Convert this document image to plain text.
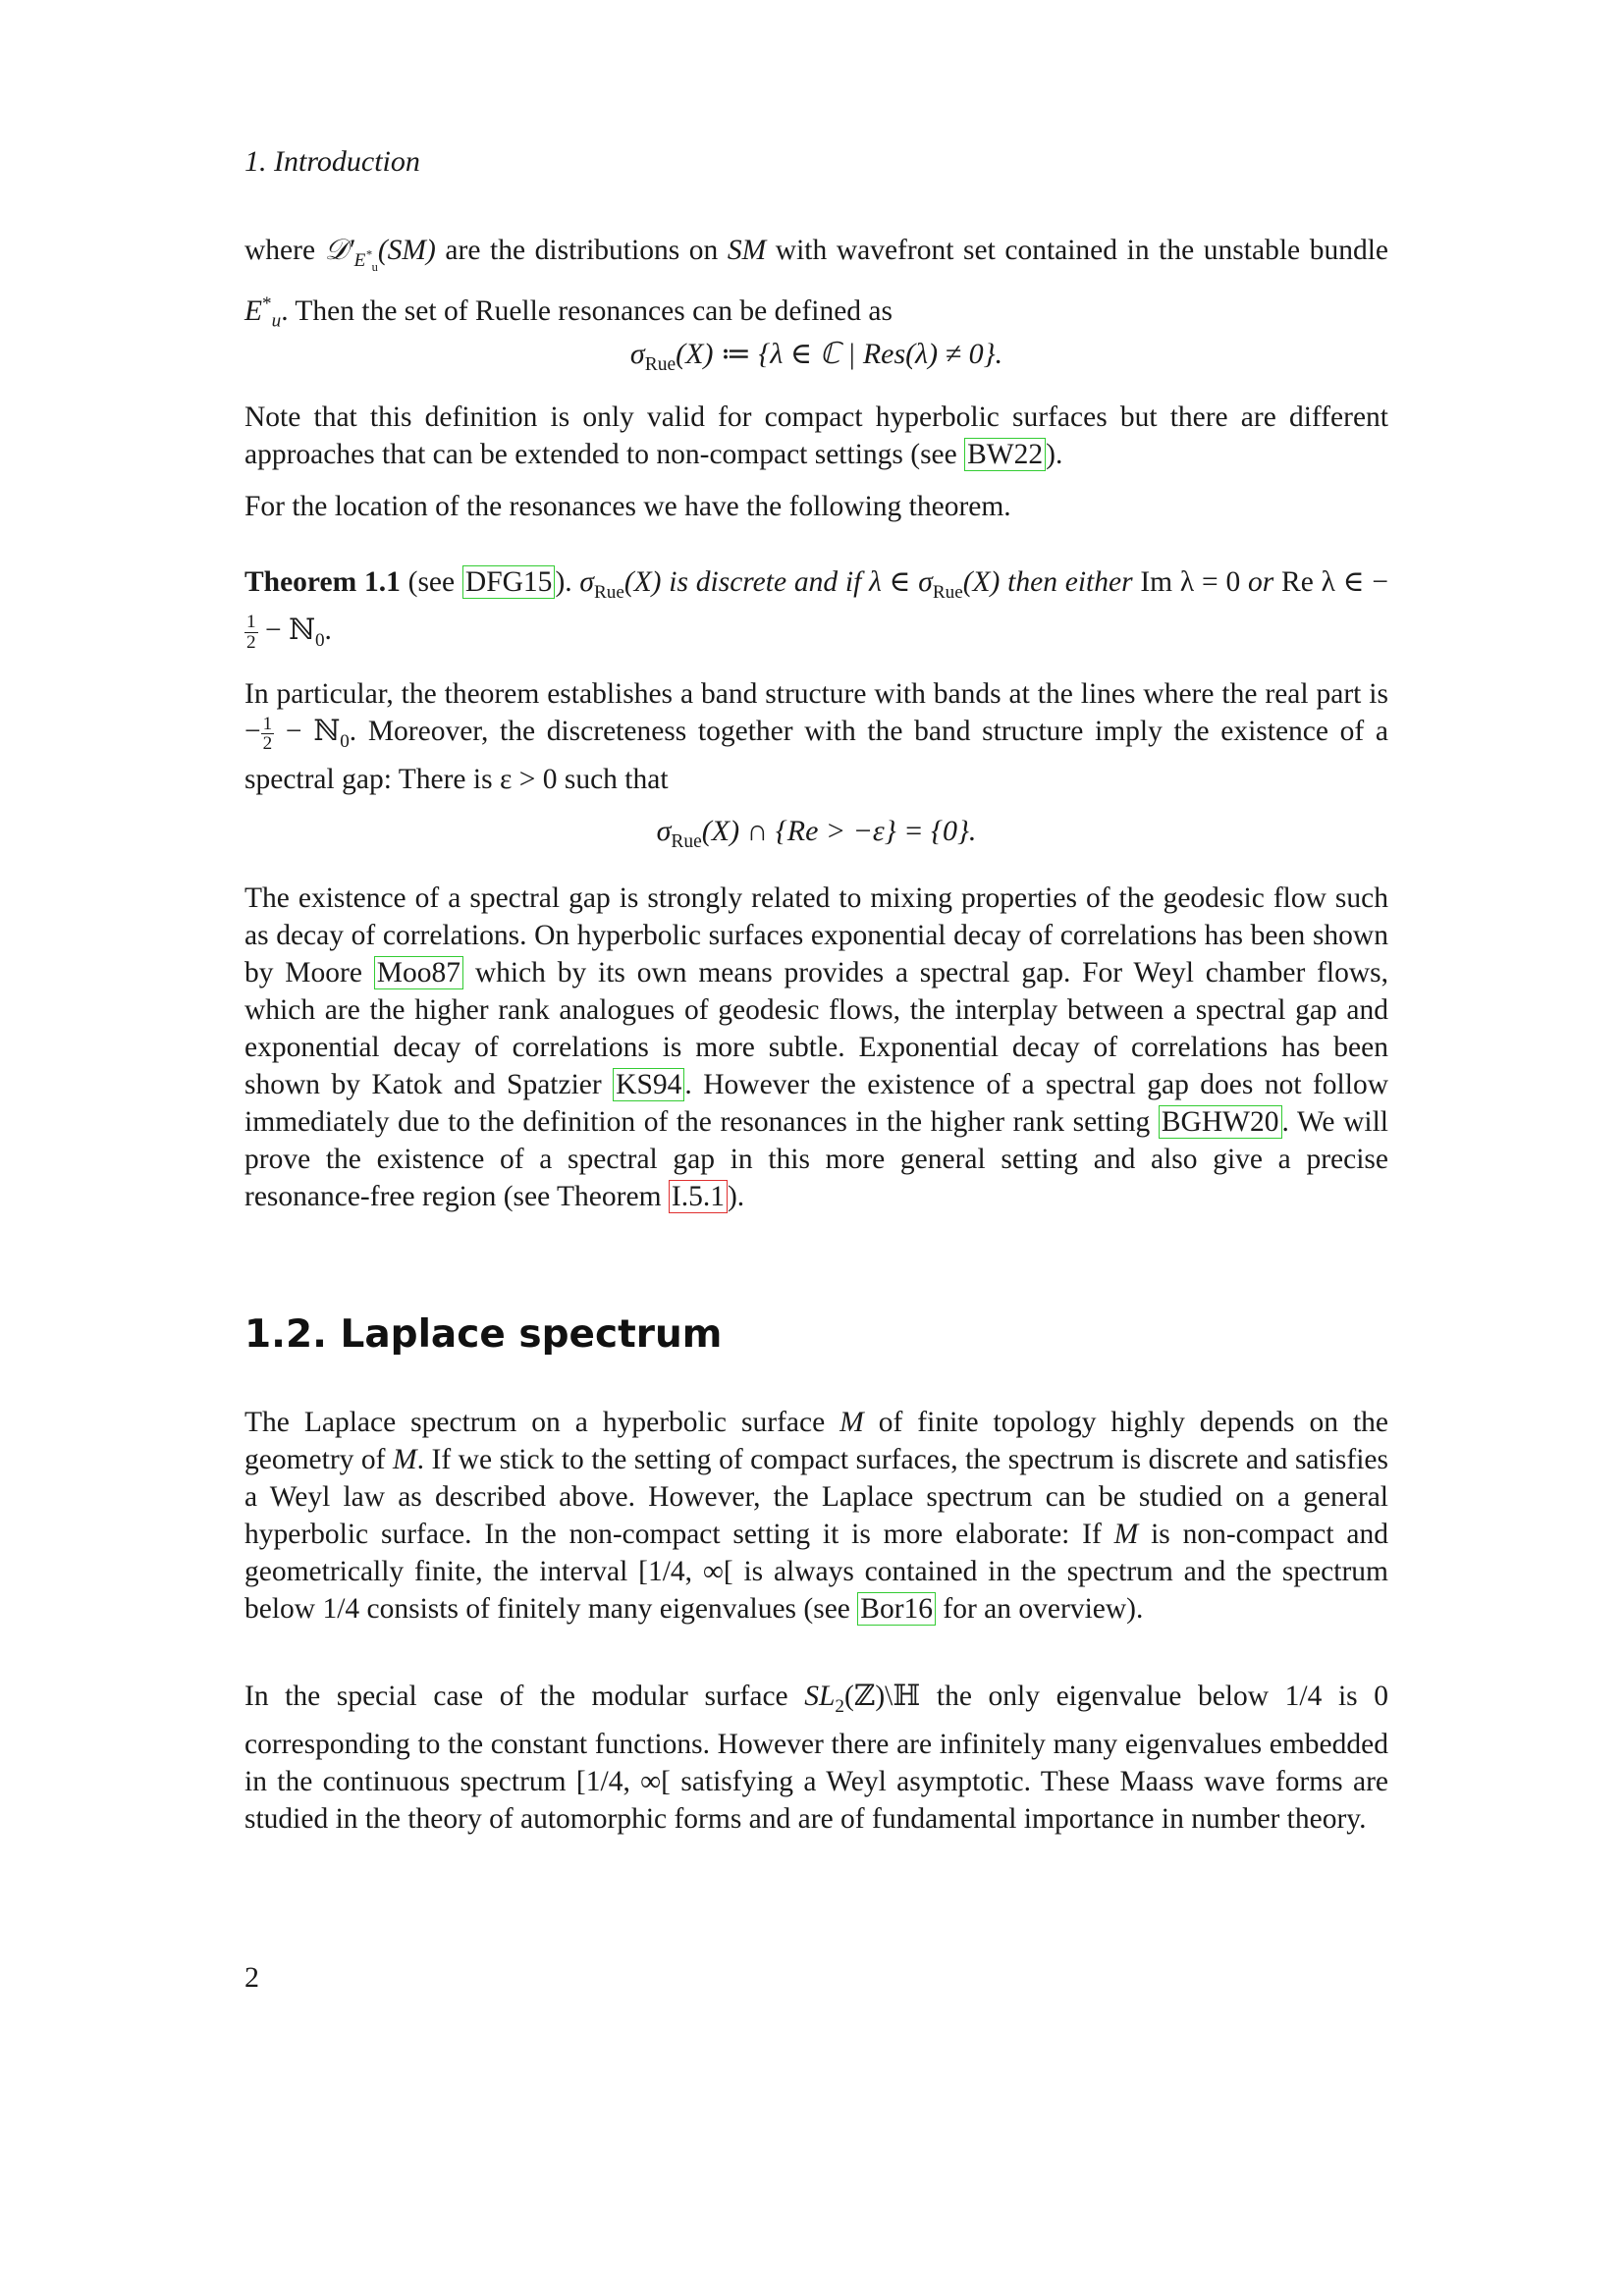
1. Introduction

where $𝒟'_{E^*_u}(SM)$ are the distributions on SM with wavefront set contained in the unstable bundle $E^*_u$. Then the set of Ruelle resonances can be defined as

$\sigma_{Rue}(X)$ ≔ {λ ∈ ℂ | Res(λ) ≠ 0}.

Note that this definition is only valid for compact hyperbolic surfaces but there are different approaches that can be extended to non-compact settings (see BW22 ).

For the location of the resonances we have the following theorem.

Theorem 1.1 (see DFG15 ). $\sigma_{Rue}(X)$ is discrete and if λ ∈ $\sigma_{Rue}(X)$ then either Im λ = 0 or Re λ ∈ −
$\frac{1}{2}$ − ℕ$_0$.

In particular, the theorem establishes a band structure with bands at the lines where the real part is − $\frac{1}{2}$ − ℕ$_0$. Moreover, the discreteness together with the band structure imply the existence of a spectral gap: There is ε > 0 such that

$\sigma_{Rue}(X)$ ∩ {Re > −ε} = {0}.

The existence of a spectral gap is strongly related to mixing properties of the geodesic flow such as decay of correlations. On hyperbolic surfaces exponential decay of correlations has been shown by Moore Moo87 which by its own means provides a spectral gap. For Weyl chamber flows, which are the higher rank analogues of geodesic flows, the interplay between a spectral gap and exponential decay of correlations is more subtle. Exponential decay of correlations has been shown by Katok and Spatzier KS94 . However the existence of a spectral gap does not follow immediately due to the definition of the resonances in the higher rank setting BGHW20 . We will prove the existence of a spectral gap in this more general setting and also give a precise resonance-free region (see Theorem I.5.1 ).

1.2. Laplace spectrum

The Laplace spectrum on a hyperbolic surface M of finite topology highly depends on the geometry of M. If we stick to the setting of compact surfaces, the spectrum is discrete and satisfies a Weyl law as described above. However, the Laplace spectrum can be studied on a general hyperbolic surface. In the non-compact setting it is more elaborate: If M is non-compact and geometrically finite, the interval [1/4, ∞[ is always contained in the spectrum and the spectrum below 1/4 consists of finitely many eigenvalues (see Bor16 for an overview).

In the special case of the modular surface $SL_2(ℤ)\backslash ℍ$ the only eigenvalue below 1/4 is 0 corresponding to the constant functions. However there are infinitely many eigenvalues embedded in the continuous spectrum [1/4, ∞[ satisfying a Weyl asymptotic. These Maass wave forms are studied in the theory of automorphic forms and are of fundamental importance in number theory.

2
